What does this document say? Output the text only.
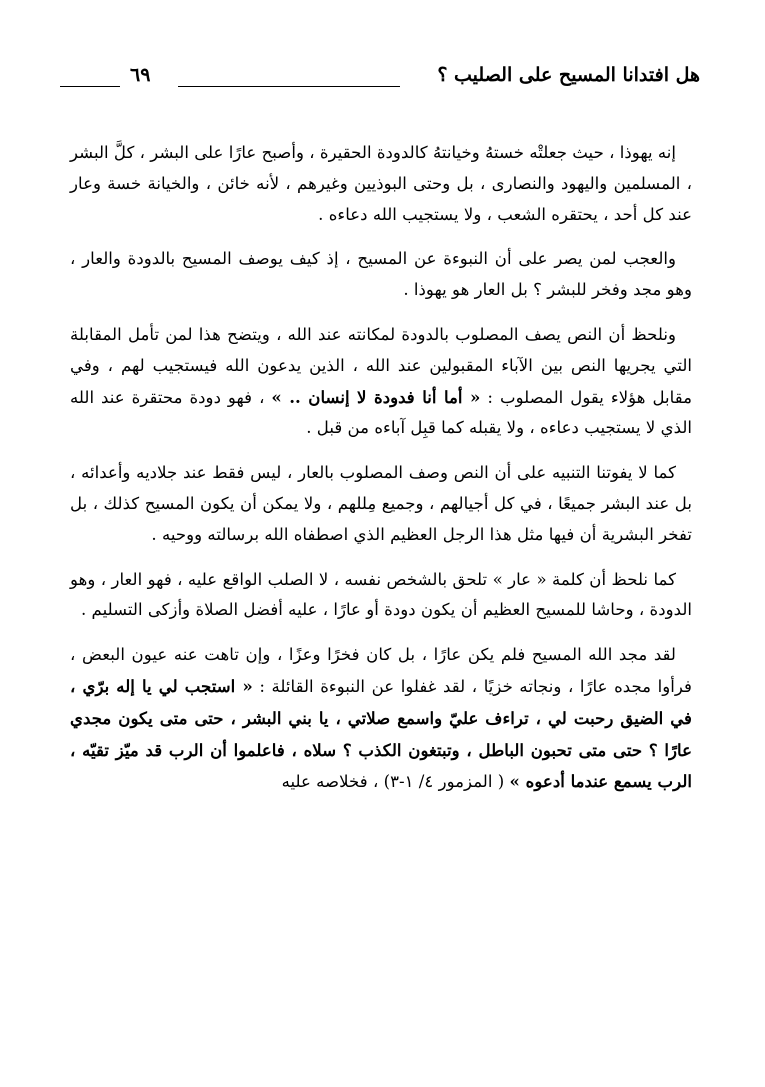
هل افتدانا المسيح على الصليب ؟
٦٩

إنه يهوذا ، حيث جعلتْه خستهُ وخيانتهُ كالدودة الحقيرة ، وأصبح عارًا على البشر ، كلَّ البشر ، المسلمين واليهود والنصارى ، بل وحتى البوذيين وغيرهم ، لأنه خائن ، والخيانة خسة وعار عند كل أحد ، يحتقره الشعب ، ولا يستجيب الله دعاءه .

والعجب لمن يصر على أن النبوءة عن المسيح ، إذ كيف يوصف المسيح بالدودة والعار ، وهو مجد وفخر للبشر ؟ بل العار هو يهوذا .

ونلحظ أن النص يصف المصلوب بالدودة لمكانته عند الله ، ويتضح هذا لمن تأمل المقابلة التي يجريها النص بين الآباء المقبولين عند الله ، الذين يدعون الله فيستجيب لهم ، وفي مقابل هؤلاء يقول المصلوب : « أما أنا فدودة لا إنسان .. » ، فهو دودة محتقرة عند الله الذي لا يستجيب دعاءه ، ولا يقبله كما قبِل آباءه من قبل .

كما لا يفوتنا التنبيه على أن النص وصف المصلوب بالعار ، ليس فقط عند جلاديه وأعدائه ، بل عند البشر جميعًا ، في كل أجيالهم ، وجميع مِللهم ، ولا يمكن أن يكون المسيح كذلك ، بل تفخر البشرية أن فيها مثل هذا الرجل العظيم الذي اصطفاه الله برسالته ووحيه .

كما نلحظ أن كلمة « عار » تلحق بالشخص نفسه ، لا الصلب الواقع عليه ، فهو العار ، وهو الدودة ، وحاشا للمسيح العظيم أن يكون دودة أو عارًا ، عليه أفضل الصلاة وأزكى التسليم .

لقد مجد الله المسيح فلم يكن عارًا ، بل كان فخرًا وعزًا ، وإن تاهت عنه عيون البعض ، فرأوا مجده عارًا ، ونجاته خزيًا ، لقد غفلوا عن النبوءة القائلة : « استجب لي يا إله برّي ، في الضيق رحبت لي ، تراءف عليّ واسمع صلاتي ، يا بني البشر ، حتى متى يكون مجدي عارًا ؟ حتى متى تحبون الباطل ، وتبتغون الكذب ؟ سلاه ، فاعلموا أن الرب قد ميّز تقيّه ، الرب يسمع عندما أدعوه » ( المزمور ٤/ ١-٣) ، فخلاصه عليه
